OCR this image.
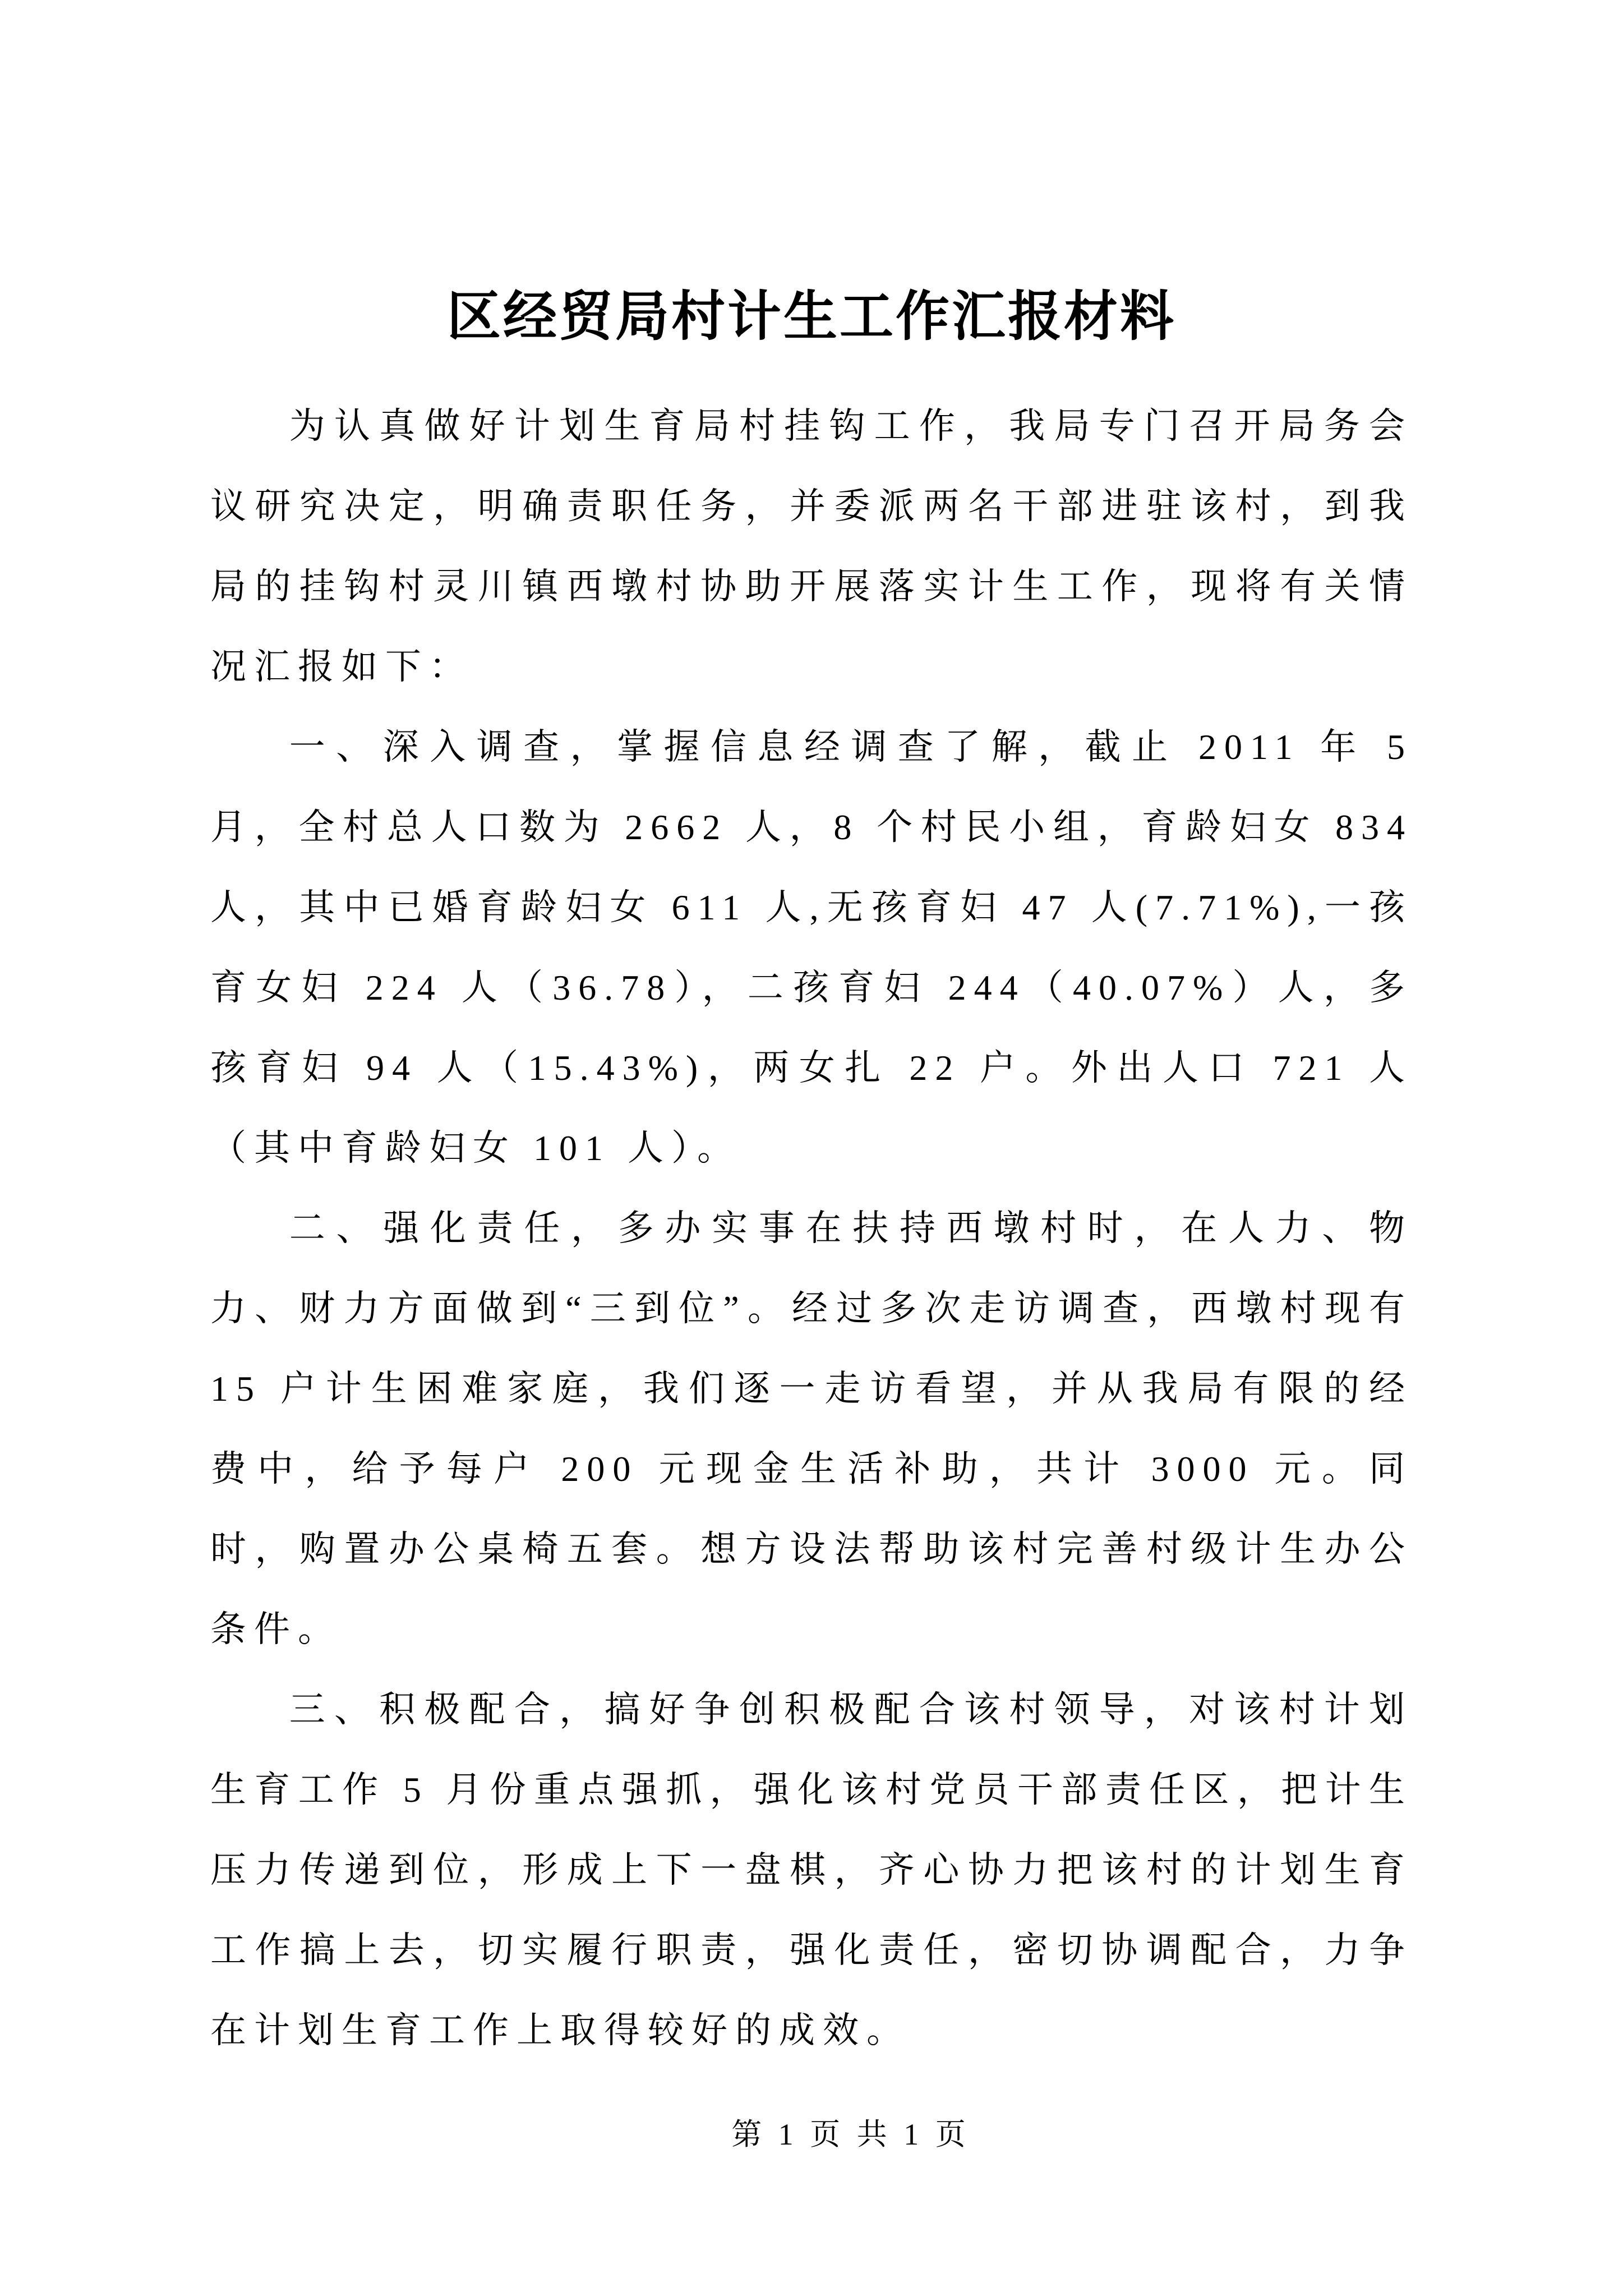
区经贸局村计生工作汇报材料

为认真做好计划生育局村挂钩工作，我局专门召开局务会议研究决定，明确责职任务，并委派两名干部进驻该村，到我局的挂钩村灵川镇西墩村协助开展落实计生工作，现将有关情况汇报如下：

一、深入调查，掌握信息经调查了解，截止 2011 年 5 月，全村总人口数为 2662 人，8 个村民小组，育龄妇女 834 人，其中已婚育龄妇女 611 人,无孩育妇 47 人(7.71%),一孩育女妇 224 人（36.78），二孩育妇 244（40.07%）人，多孩育妇 94 人（15.43%)，两女扎 22 户。外出人口 721 人（其中育龄妇女 101 人）。

二、强化责任，多办实事在扶持西墩村时，在人力、物力、财力方面做到“三到位”。经过多次走访调查，西墩村现有 15 户计生困难家庭，我们逐一走访看望，并从我局有限的经费中，给予每户 200 元现金生活补助，共计 3000 元。同时，购置办公桌椅五套。想方设法帮助该村完善村级计生办公条件。

三、积极配合，搞好争创积极配合该村领导，对该村计划生育工作 5 月份重点强抓，强化该村党员干部责任区，把计生压力传递到位，形成上下一盘棋，齐心协力把该村的计划生育工作搞上去，切实履行职责，强化责任，密切协调配合，力争在计划生育工作上取得较好的成效。

第 1 页 共 1 页
